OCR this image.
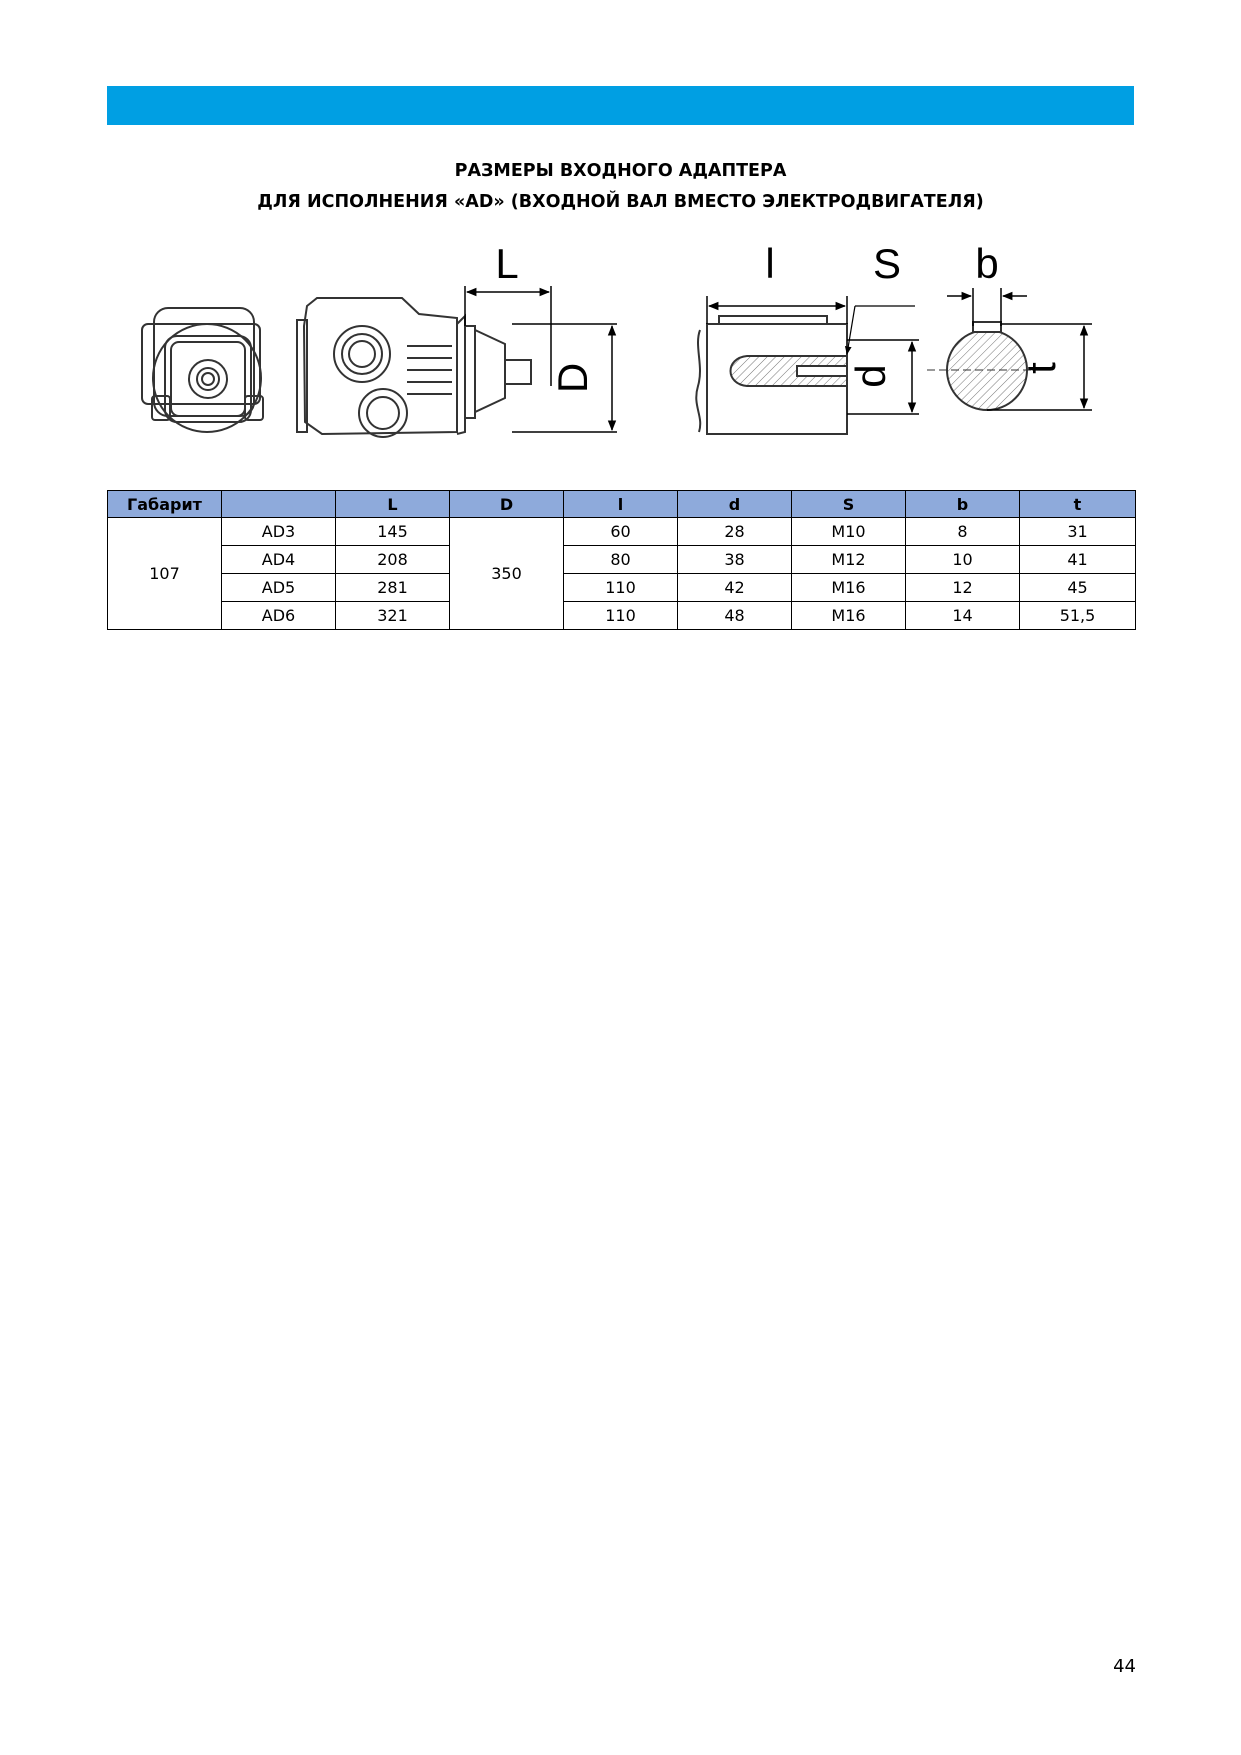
РАЗМЕРЫ ВХОДНОГО АДАПТЕРА
ДЛЯ ИСПОЛНЕНИЯ «AD» (ВХОДНОЙ ВАЛ ВМЕСТО ЭЛЕКТРОДВИГАТЕЛЯ)
L
D
l S
d
b
t
Габарит		L	D	l	d	S	b	t
107	AD3	145	350	60	28	M10	8	31
	AD4	208		80	38	M12	10	41
	AD5	281		110	42	M16	12	45
	AD6	321		110	48	M16	14	51,5
44
